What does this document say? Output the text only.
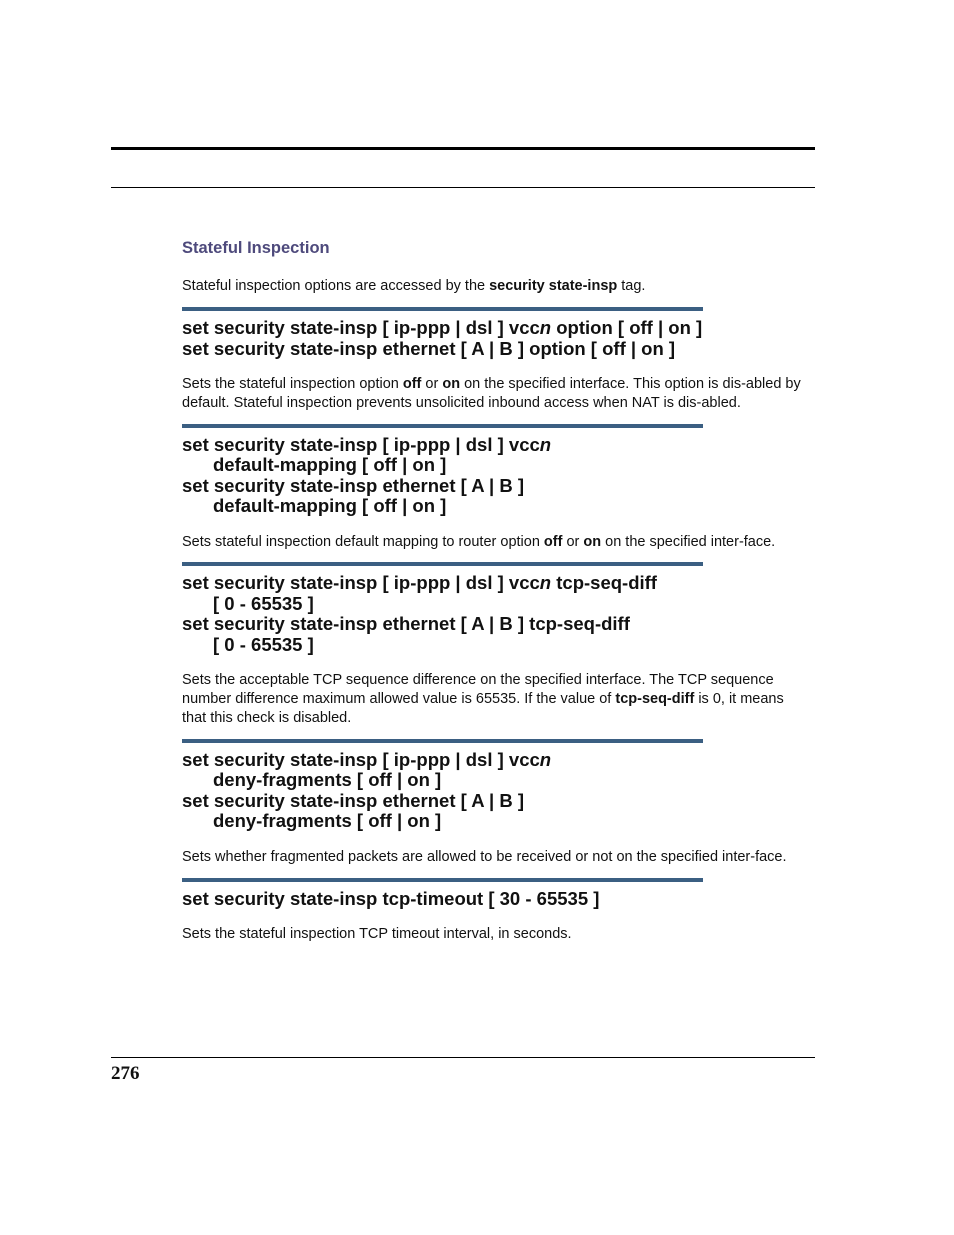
Stateful Inspection

Stateful inspection options are accessed by the security state-insp tag.

set security state-insp [ ip-ppp | dsl ] vccn option [ off | on ]
set security state-insp ethernet [ A | B ] option [ off | on ]

Sets the stateful inspection option off or on on the specified interface. This option is dis-abled by default. Stateful inspection prevents unsolicited inbound access when NAT is dis-abled.

set security state-insp [ ip-ppp | dsl ] vccn
default-mapping [ off | on ]
set security state-insp ethernet [ A | B ]
default-mapping [ off | on ]

Sets stateful inspection default mapping to router option off or on on the specified inter-face.

set security state-insp [ ip-ppp | dsl ] vccn tcp-seq-diff
[ 0 - 65535 ]
set security state-insp ethernet [ A | B ] tcp-seq-diff
[ 0 - 65535 ]

Sets the acceptable TCP sequence difference on the specified interface. The TCP sequence number difference maximum allowed value is 65535. If the value of tcp-seq-diff is 0, it means that this check is disabled.

set security state-insp [ ip-ppp | dsl ] vccn
deny-fragments [ off | on ]
set security state-insp ethernet [ A | B ]
deny-fragments [ off | on ]

Sets whether fragmented packets are allowed to be received or not on the specified inter-face.

set security state-insp tcp-timeout [ 30 - 65535 ]

Sets the stateful inspection TCP timeout interval, in seconds.

276
